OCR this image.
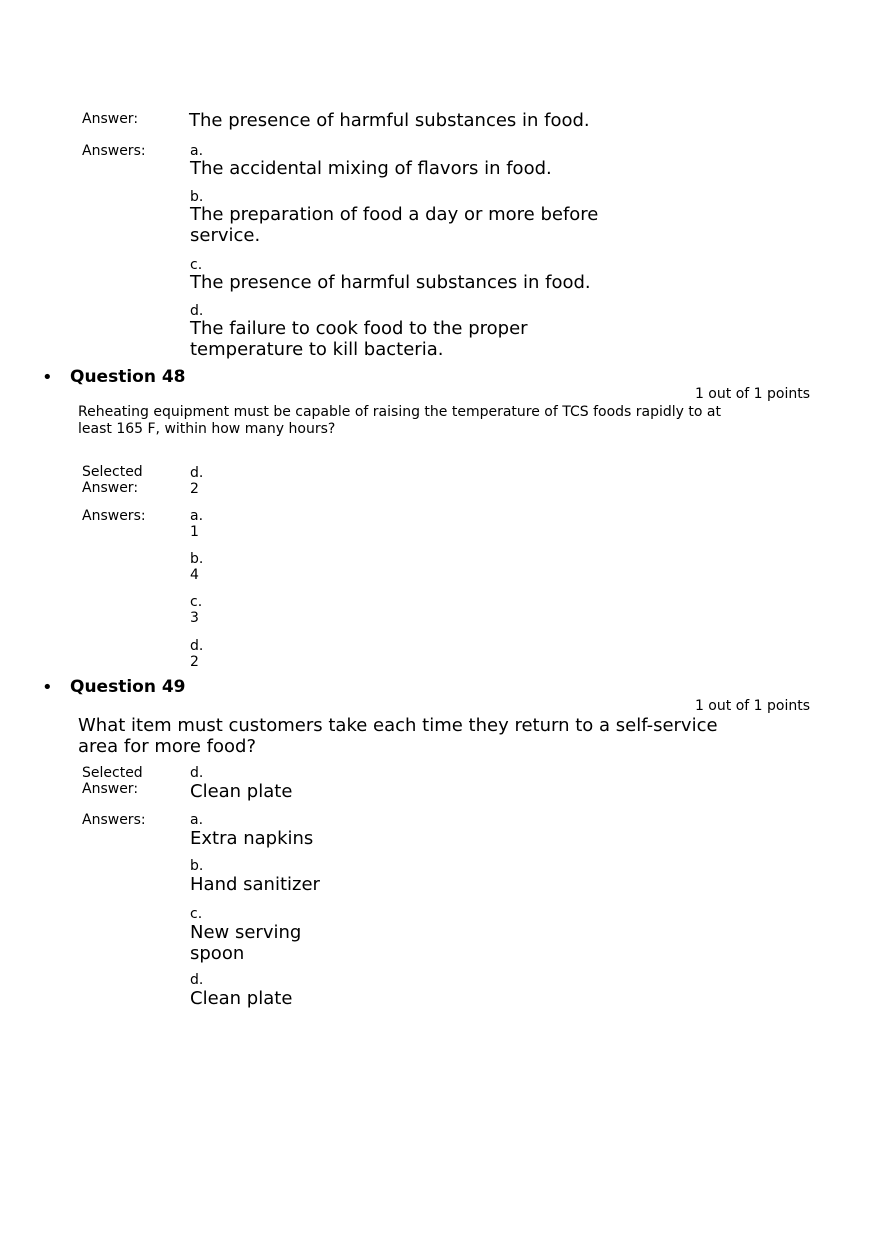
Answer:	The presence of harmful substances in food.
Answers:	a.
The accidental mixing of flavors in food.
b.
The preparation of food a day or more before service.
c.
The presence of harmful substances in food.
d.
The failure to cook food to the proper temperature to kill bacteria.
• Question 48
1 out of 1 points
Reheating equipment must be capable of raising the temperature of TCS foods rapidly to at least 165 F, within how many hours?
Selected Answer:
d.
2
Answers:	a.
1
b.
4
c.
3
d.
2
• Question 49
1 out of 1 points
What item must customers take each time they return to a self-service area for more food?
Selected Answer:
d.
Clean plate
Answers:	a.
Extra napkins
b.
Hand sanitizer
c.
New serving spoon
d.
Clean plate
